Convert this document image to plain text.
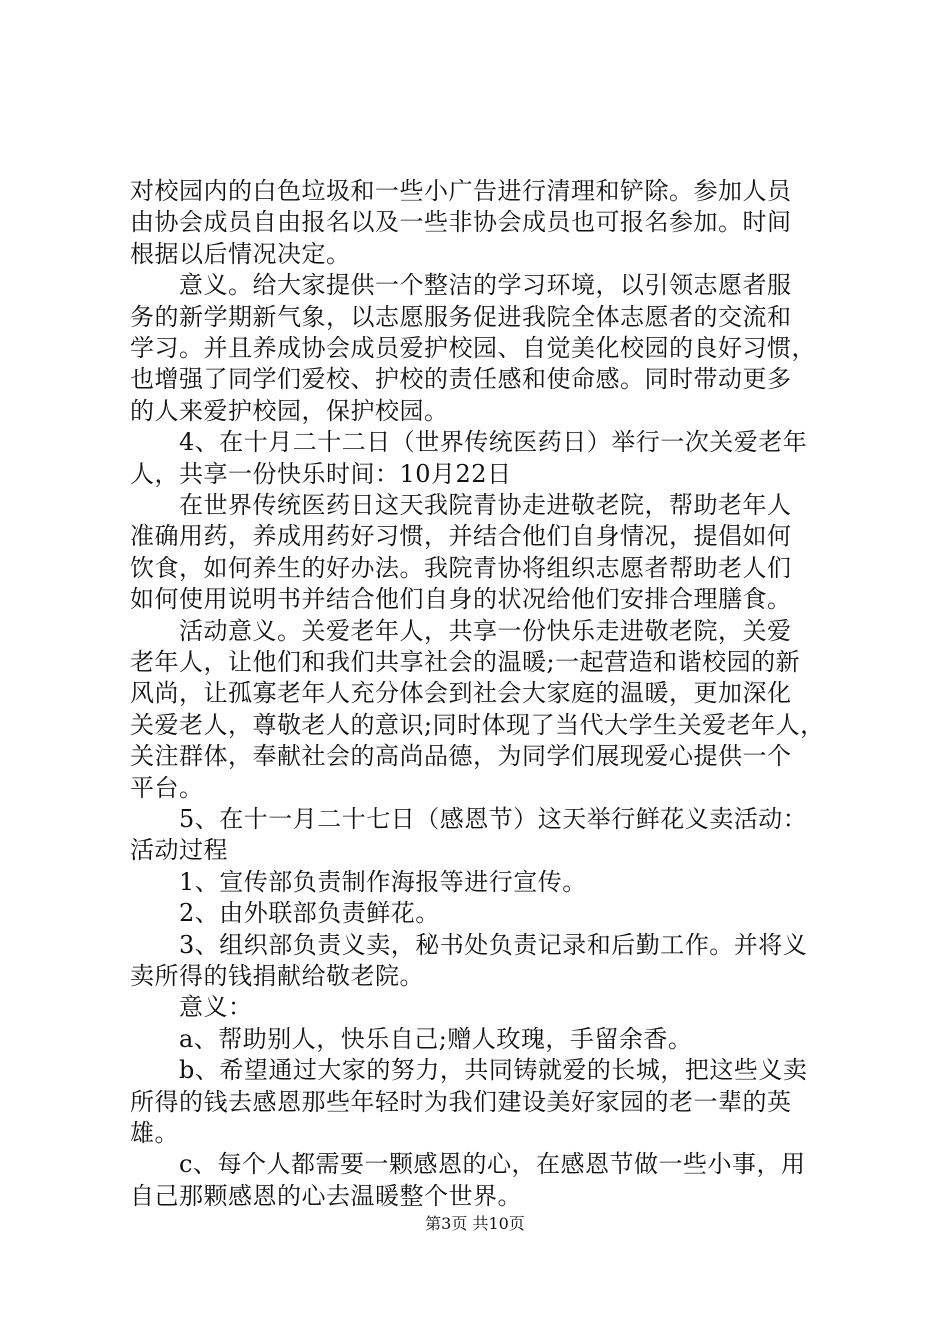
对校园内的白色垃圾和一些小广告进行清理和铲除。参加人员
由协会成员自由报名以及一些非协会成员也可报名参加。时间
根据以后情况决定。
　　意义。给大家提供一个整洁的学习环境，以引领志愿者服
务的新学期新气象，以志愿服务促进我院全体志愿者的交流和
学习。并且养成协会成员爱护校园、自觉美化校园的良好习惯，
也增强了同学们爱校、护校的责任感和使命感。同时带动更多
的人来爱护校园，保护校园。
　　4、在十月二十二日（世界传统医药日）举行一次关爱老年
人，共享一份快乐时间：10月22日
　　在世界传统医药日这天我院青协走进敬老院，帮助老年人
准确用药，养成用药好习惯，并结合他们自身情况，提倡如何
饮食，如何养生的好办法。我院青协将组织志愿者帮助老人们
如何使用说明书并结合他们自身的状况给他们安排合理膳食。
　　活动意义。关爱老年人，共享一份快乐走进敬老院，关爱
老年人，让他们和我们共享社会的温暖;一起营造和谐校园的新
风尚，让孤寡老年人充分体会到社会大家庭的温暖，更加深化
关爱老人，尊敬老人的意识;同时体现了当代大学生关爱老年人，
关注群体，奉献社会的高尚品德，为同学们展现爱心提供一个
平台。
　　5、在十一月二十七日（感恩节）这天举行鲜花义卖活动：
活动过程
　　1、宣传部负责制作海报等进行宣传。
　　2、由外联部负责鲜花。
　　3、组织部负责义卖，秘书处负责记录和后勤工作。并将义
卖所得的钱捐献给敬老院。
　　意义：
　　a、帮助别人，快乐自己;赠人玫瑰，手留余香。
　　b、希望通过大家的努力，共同铸就爱的长城，把这些义卖
所得的钱去感恩那些年轻时为我们建设美好家园的老一辈的英
雄。
　　c、每个人都需要一颗感恩的心，在感恩节做一些小事，用
自己那颗感恩的心去温暖整个世界。
第3页 共10页
